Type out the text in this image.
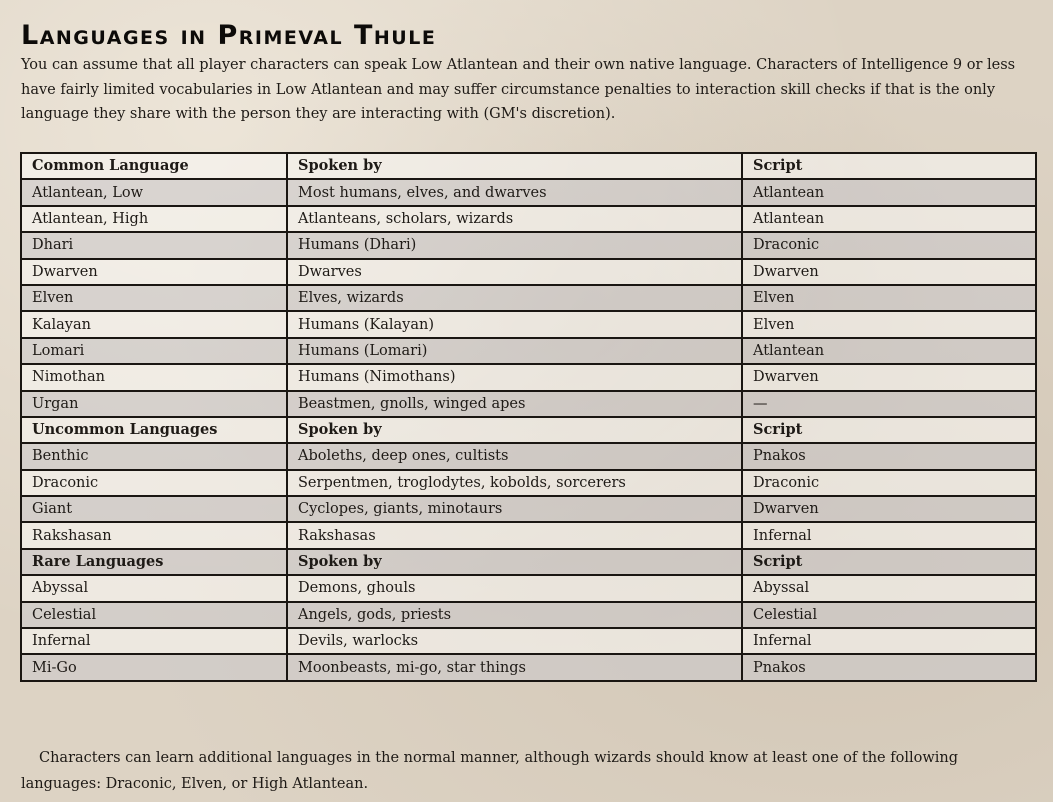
Languages in Primeval Thule

You can assume that all player characters can speak Low Atlantean and their own native language. Characters of Intelligence 9 or less have fairly limited vocabularies in Low Atlantean and may suffer circumstance penalties to interaction skill checks if that is the only language they share with the person they are interacting with (GM's discretion).

Common Language	Spoken by	Script
Atlantean, Low	Most humans, elves, and dwarves	Atlantean
Atlantean, High	Atlanteans, scholars, wizards	Atlantean
Dhari	Humans (Dhari)	Draconic
Dwarven	Dwarves	Dwarven
Elven	Elves, wizards	Elven
Kalayan	Humans (Kalayan)	Elven
Lomari	Humans (Lomari)	Atlantean
Nimothan	Humans (Nimothans)	Dwarven
Urgan	Beastmen, gnolls, winged apes	—
Uncommon Languages	Spoken by	Script
Benthic	Aboleths, deep ones, cultists	Pnakos
Draconic	Serpentmen, troglodytes, kobolds, sorcerers	Draconic
Giant	Cyclopes, giants, minotaurs	Dwarven
Rakshasan	Rakshasas	Infernal
Rare Languages	Spoken by	Script
Abyssal	Demons, ghouls	Abyssal
Celestial	Angels, gods, priests	Celestial
Infernal	Devils, warlocks	Infernal
Mi-Go	Moonbeasts, mi-go, star things	Pnakos

Characters can learn additional languages in the normal manner, although wizards should know at least one of the following languages: Draconic, Elven, or High Atlantean.
